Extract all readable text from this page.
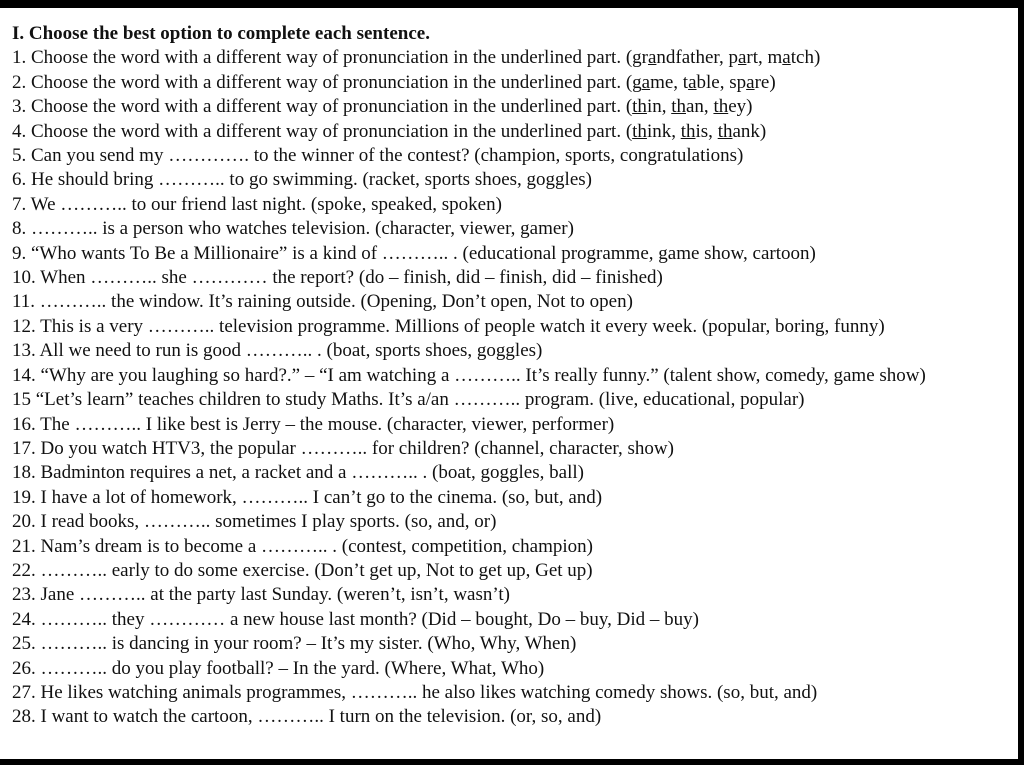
I. Choose the best option to complete each sentence.

1. Choose the word with a different way of pronunciation in the underlined part. (grandfather, part, match)

2. Choose the word with a different way of pronunciation in the underlined part. (game, table, spare)

3. Choose the word with a different way of pronunciation in the underlined part. (thin, than, they)

4. Choose the word with a different way of pronunciation in the underlined part. (think, this, thank)

5. Can you send my …………. to the winner of the contest? (champion, sports, congratulations)

6. He should bring ……….. to go swimming. (racket, sports shoes, goggles)

7. We ……….. to our friend last night. (spoke, speaked, spoken)

8. ……….. is a person who watches television. (character, viewer, gamer)

9. “Who wants To Be a Millionaire” is a kind of ……….. . (educational programme, game show, cartoon)

10. When ……….. she ………… the report? (do – finish, did – finish, did – finished)

11. ……….. the window. It’s raining outside. (Opening, Don’t open, Not to open)

12. This is a very ……….. television programme. Millions of people watch it every week. (popular, boring, funny)

13. All we need to run is good ……….. . (boat, sports shoes, goggles)

14. “Why are you laughing so hard?.” – “I am watching a ……….. It’s really funny.” (talent show, comedy, game show)

15 “Let’s learn” teaches children to study Maths. It’s a/an ……….. program. (live, educational, popular)

16. The ……….. I like best is Jerry – the mouse. (character, viewer, performer)

17. Do you watch HTV3, the popular ……….. for children? (channel, character, show)

18. Badminton requires a net, a racket and a ……….. . (boat, goggles, ball)

19. I have a lot of homework, ……….. I can’t go to the cinema. (so, but, and)

20. I read books, ……….. sometimes I play sports. (so, and, or)

21. Nam’s dream is to become a ……….. . (contest, competition, champion)

22. ……….. early to do some exercise. (Don’t get up, Not to get up, Get up)

23. Jane ……….. at the party last Sunday. (weren’t, isn’t, wasn’t)

24. ……….. they ………… a new house last month? (Did – bought, Do – buy, Did – buy)

25. ……….. is dancing in your room? – It’s my sister. (Who, Why, When)

26. ……….. do you play football? – In the yard. (Where, What, Who)

27. He likes watching animals programmes, ……….. he also likes watching comedy shows. (so, but, and)

28. I want to watch the cartoon, ……….. I turn on the television. (or, so, and)
